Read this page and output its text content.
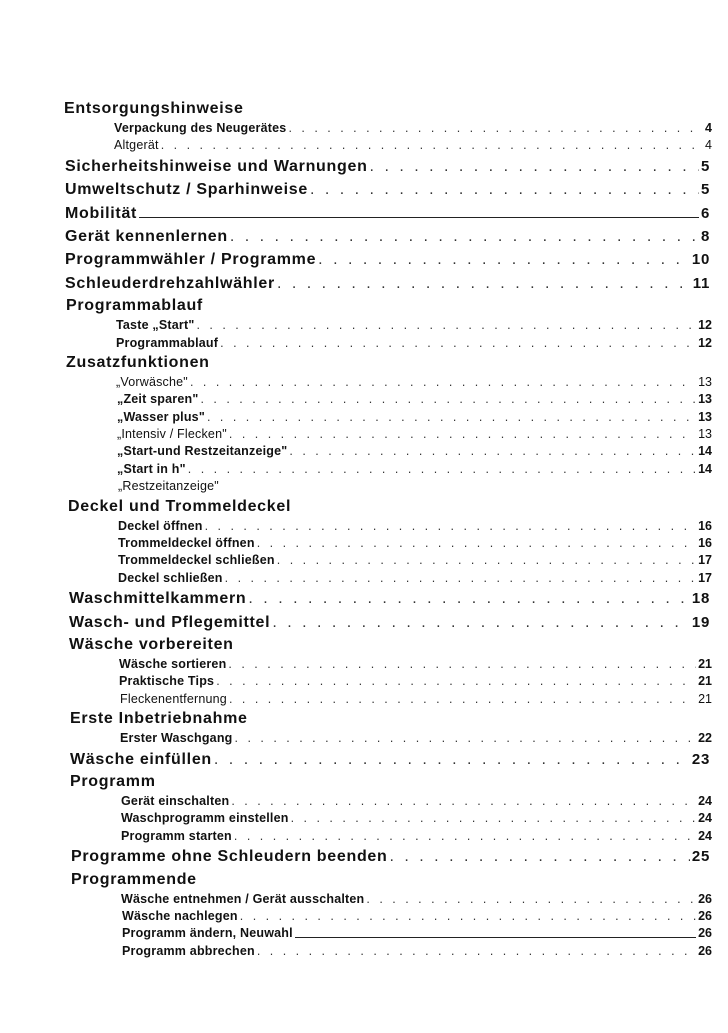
Entsorgungshinweise
Verpackung des Neugerätes . . .	4
Altgerät . . .	4
Sicherheitshinweise und Warnungen . . .	5
Umweltschutz / Sparhinweise . . .	5
Mobilität	6
Gerät kennenlernen . . .	8
Programmwähler / Programme . . .	10
Schleuderdrehzahlwähler . . .	11
Programmablauf
Taste „Start" . . .	12
Programmablauf . . .	12
Zusatzfunktionen
„Vorwäsche" . . .	13
„Zeit sparen" . . .	13
„Wasser plus" . . .	13
„Intensiv / Flecken" . . .	13
„Start-und Restzeitanzeige" . . .	14
„Start in h" . . .	14
„Restzeitanzeige"
Deckel und Trommeldeckel
Deckel öffnen . . .	16
Trommeldeckel öffnen . . .	16
Trommeldeckel schließen . . .	17
Deckel schließen . . .	17
Waschmittelkammern . . .	18
Wasch- und Pflegemittel . . .	19
Wäsche vorbereiten
Wäsche sortieren . . .	21
Praktische Tips . . .	21
Fleckenentfernung . . .	21
Erste Inbetriebnahme
Erster Waschgang . . .	22
Wäsche einfüllen . . .	23
Programm
Gerät einschalten . . .	24
Waschprogramm einstellen . . .	24
Programm starten . . .	24
Programme ohne Schleudern beenden . . .	25
Programmende
Wäsche entnehmen / Gerät ausschalten . . .	26
Wäsche nachlegen . . .	26
Programm ändern, Neuwahl	26
Programm abbrechen . . .	26
